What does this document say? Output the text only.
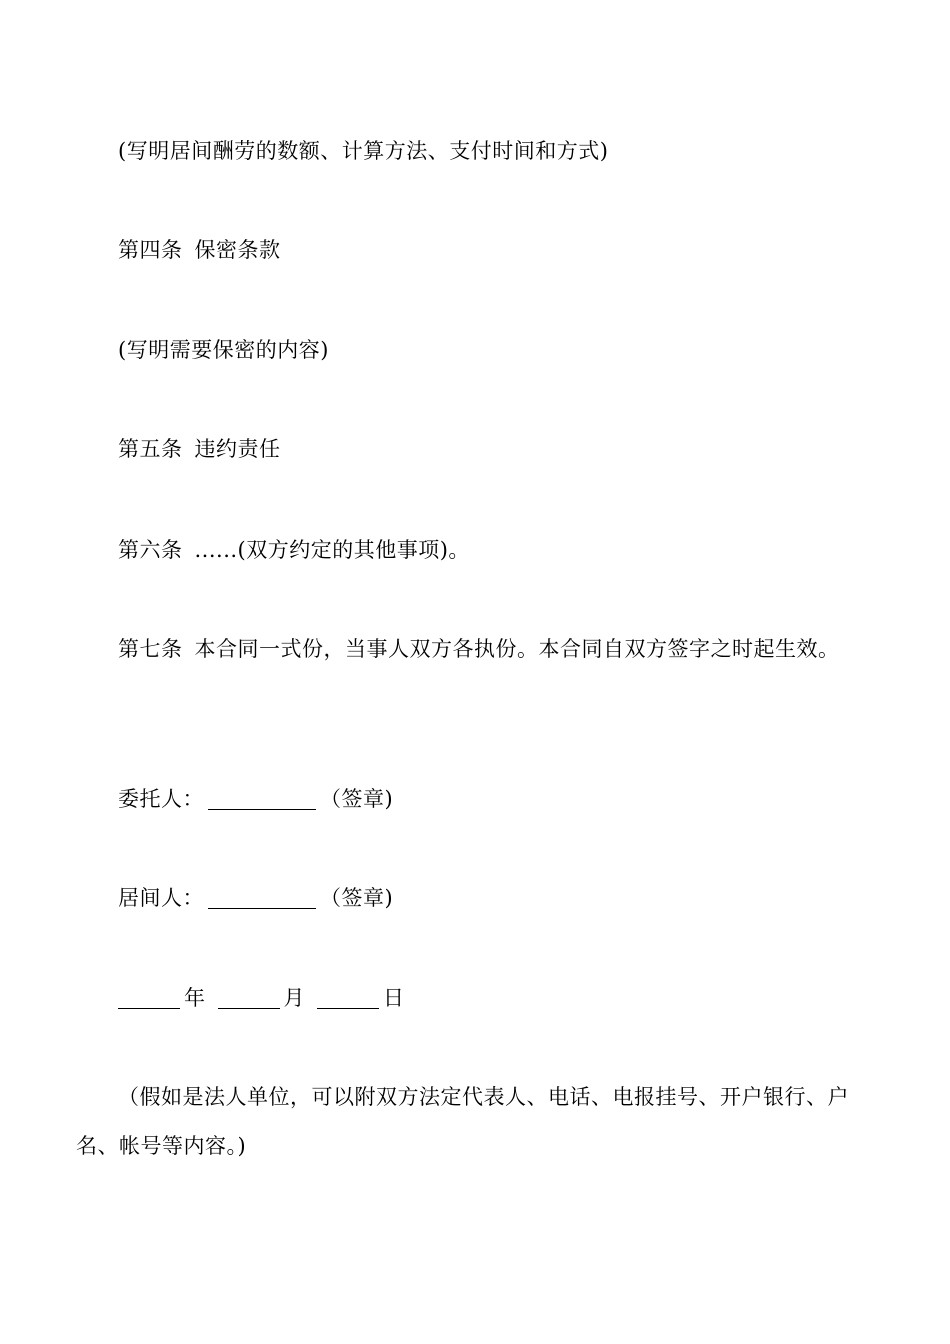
(写明居间酬劳的数额、计算方法、支付时间和方式)
第四条 保密条款
(写明需要保密的内容)
第五条 违约责任
第六条 ......(双方约定的其他事项)。
第七条 本合同一式份，当事人双方各执份。本合同自双方签字之时起生效。
委托人：	（签章)
居间人：	（签章)
年	月	日
（假如是法人单位，可以附双方法定代表人、电话、电报挂号、开户银行、户
名、帐号等内容。)
